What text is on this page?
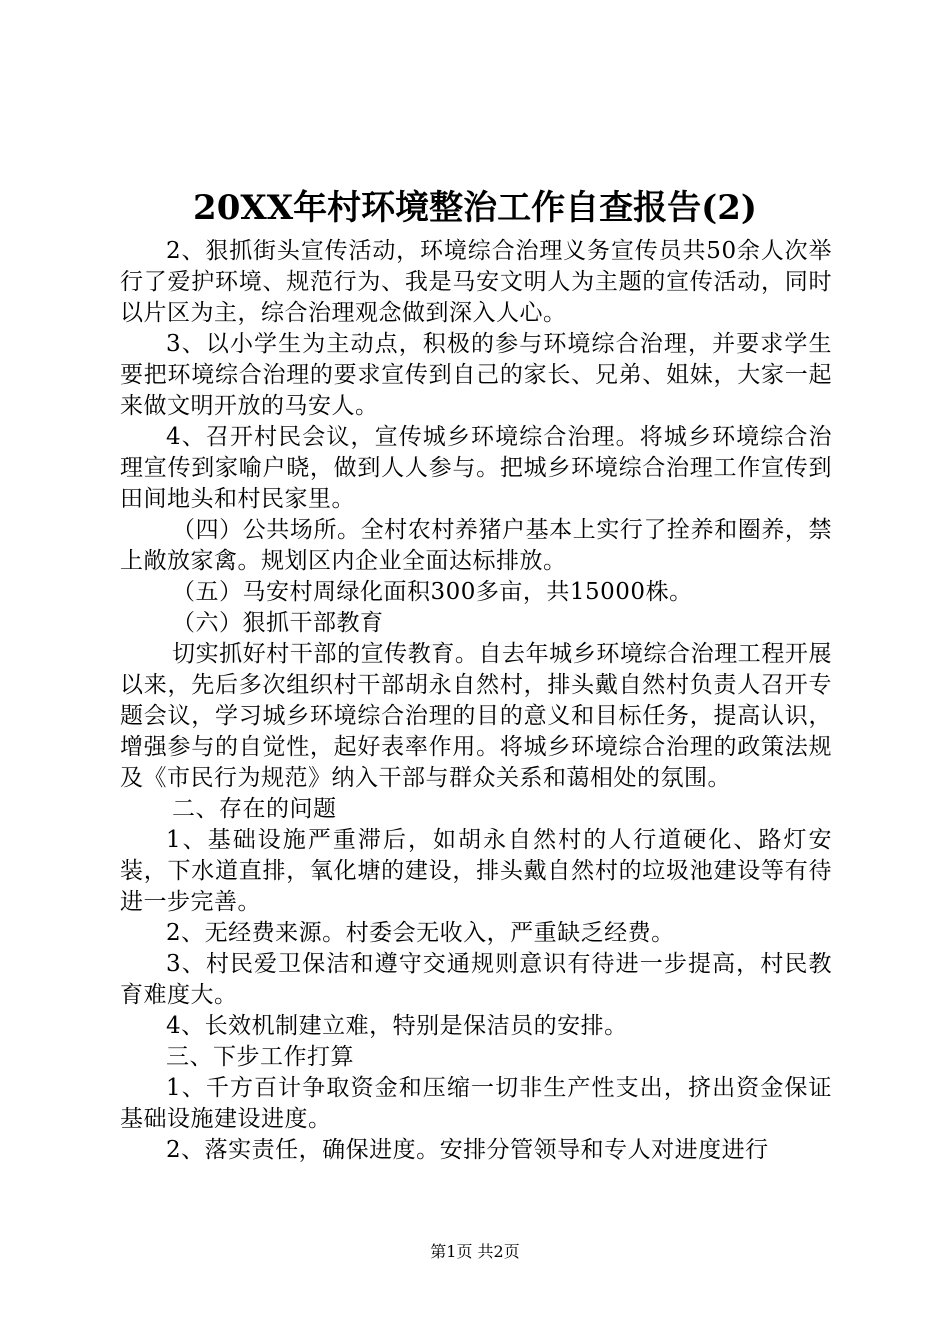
20XX年村环境整治工作自查报告(2)

2、狠抓街头宣传活动，环境综合治理义务宣传员共50余人次举行了爱护环境、规范行为、我是马安文明人为主题的宣传活动，同时以片区为主，综合治理观念做到深入人心。

3、以小学生为主动点，积极的参与环境综合治理，并要求学生要把环境综合治理的要求宣传到自己的家长、兄弟、姐妹，大家一起来做文明开放的马安人。

4、召开村民会议，宣传城乡环境综合治理。将城乡环境综合治理宣传到家喻户晓，做到人人参与。把城乡环境综合治理工作宣传到田间地头和村民家里。

（四）公共场所。全村农村养猪户基本上实行了拴养和圈养，禁上敞放家禽。规划区内企业全面达标排放。

（五）马安村周绿化面积300多亩，共15000株。

（六）狠抓干部教育

切实抓好村干部的宣传教育。自去年城乡环境综合治理工程开展以来，先后多次组织村干部胡永自然村，排头戴自然村负责人召开专题会议，学习城乡环境综合治理的目的意义和目标任务，提高认识，增强参与的自觉性，起好表率作用。将城乡环境综合治理的政策法规及《市民行为规范》纳入干部与群众关系和蔼相处的氛围。

二、存在的问题

1、基础设施严重滞后，如胡永自然村的人行道硬化、路灯安装，下水道直排，氧化塘的建设，排头戴自然村的垃圾池建设等有待进一步完善。

2、无经费来源。村委会无收入，严重缺乏经费。

3、村民爱卫保洁和遵守交通规则意识有待进一步提高，村民教育难度大。

4、长效机制建立难，特别是保洁员的安排。

三、下步工作打算

1、千方百计争取资金和压缩一切非生产性支出，挤出资金保证基础设施建设进度。

2、落实责任，确保进度。安排分管领导和专人对进度进行

第1页 共2页
